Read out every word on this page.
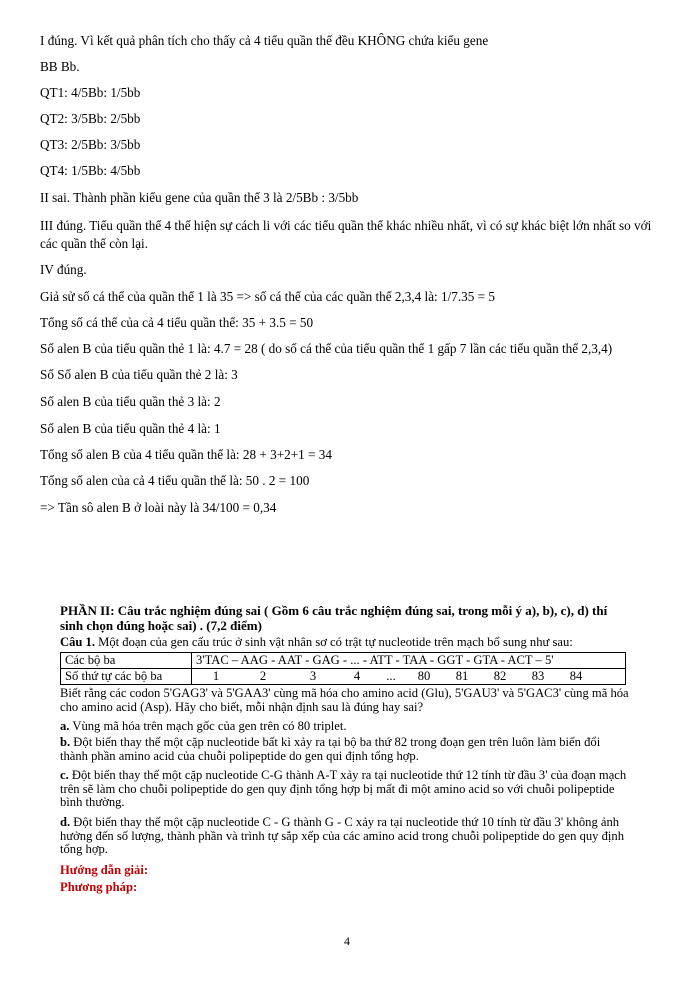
I đúng. Vì kết quả phân tích cho thấy cả 4 tiểu quần thể đều KHÔNG chứa kiểu gene
BB Bb.
QT1: 4/5Bb: 1/5bb
QT2: 3/5Bb: 2/5bb
QT3: 2/5Bb: 3/5bb
QT4: 1/5Bb: 4/5bb
II sai. Thành phần kiểu gene của quần thể 3 là 2/5Bb : 3/5bb
III đúng. Tiểu quần thể 4 thể hiện sự cách li với các tiểu quần thể khác nhiều nhất, vì có sự khác biệt lớn nhất so với các quần thể còn lại.
IV đúng.
Giả sử số cá thể của quần thể 1 là 35 => số cá thể của các quần thể 2,3,4 là: 1/7.35 = 5
Tổng số cá thể của cả 4 tiểu quần thể: 35 + 3.5 = 50
Số alen B của tiểu quần thẻ 1 là: 4.7 = 28 ( do số cá thể của tiểu quần thể 1 gấp 7 lần các tiểu quần thể 2,3,4)
Số Số alen B của tiểu quần thẻ 2 là: 3
Số alen B của tiểu quần thẻ 3 là: 2
Số alen B của tiểu quần thẻ 4 là: 1
Tổng số alen B của 4 tiểu quần thể là: 28 + 3+2+1 = 34
Tổng số alen của cả 4 tiểu quần thể là: 50 . 2 = 100
=> Tần sô alen B ở loài này là 34/100 = 0,34
PHẦN II: Câu trắc nghiệm đúng sai ( Gồm 6 câu trắc nghiệm đúng sai, trong mỗi ý a), b), c), d) thí sinh chọn đúng hoặc sai) . (7,2 điểm)
Câu 1. Một đoạn của gen cấu trúc ở sinh vật nhân sơ có trật tự nucleotide trên mạch bổ sung như sau:
Các bộ ba	3'TAC – AAG - AAT - GAG - ... - ATT - TAA - GGT - GTA - ACT – 5'
Số thứ tự các bộ ba	1 2 3 4 ... 80 81 82 83 84
Biết rằng các codon 5'GAG3' và 5'GAA3' cùng mã hóa cho amino acid (Glu), 5'GAU3' và 5'GAC3' cùng mã hóa cho amino acid (Asp). Hãy cho biết, mỗi nhận định sau là đúng hay sai?
a. Vùng mã hóa trên mạch gốc của gen trên có 80 triplet.
b. Đột biến thay thế một cặp nucleotide bất kì xảy ra tại bộ ba thứ 82 trong đoạn gen trên luôn làm biến đổi thành phần amino acid của chuỗi polipeptide do gen qui định tổng hợp.
c. Đột biến thay thế một cặp nucleotide C-G thành A-T xảy ra tại nucleotide thứ 12 tính từ đầu 3' của đoạn mạch trên sẽ làm cho chuỗi polipeptide do gen quy định tổng hợp bị mất đi một amino acid so với chuỗi polipeptide bình thường.
d. Đột biến thay thế một cặp nucleotide C - G thành G - C xảy ra tại nucleotide thứ 10 tính từ đầu 3' không ảnh hưởng đến số lượng, thành phần và trình tự sắp xếp của các amino acid trong chuỗi polipeptide do gen quy định tổng hợp.
Hướng dẫn giải:
Phương pháp:
4
